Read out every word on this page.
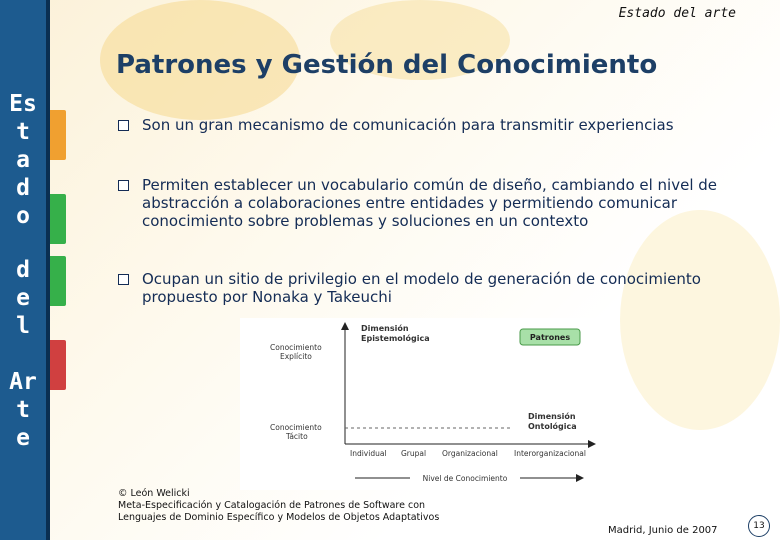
Es
t
a
d
o
d
e
l
Ar
t
e
Estado del arte
Patrones y Gestión del Conocimiento
Son un gran mecanismo de comunicación para transmitir experiencias
Permiten establecer un vocabulario común de diseño, cambiando el nivel de abstracción a colaboraciones entre entidades y permitiendo comunicar conocimiento sobre problemas y soluciones en un contexto
Ocupan un sitio de privilegio en el modelo de generación de conocimiento propuesto por Nonaka y Takeuchi
Dimensión
Epistemológica
Conocimiento
Explícito
Conocimiento
Tácito
Patrones
Dimensión
Ontológica
Individual Grupal Organizacional Interorganizacional
Nivel de Conocimiento
© León Welicki
Meta-Especificación y Catalogación de Patrones de Software con
Lenguajes de Dominio Específico y Modelos de Objetos Adaptativos
Madrid, Junio de 2007	13
